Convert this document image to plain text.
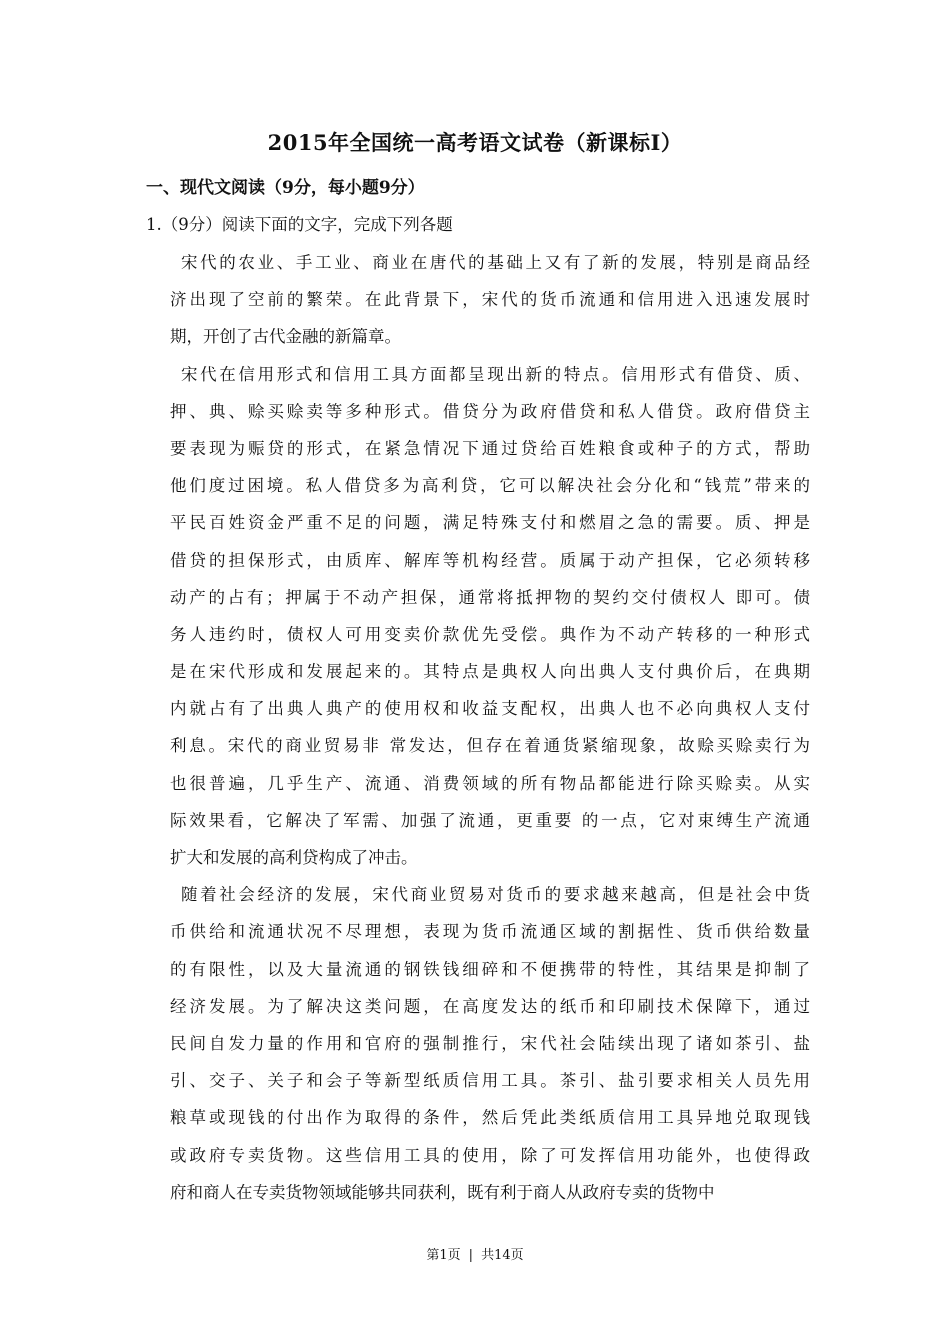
2015年全国统一高考语文试卷（新课标Ⅰ）
一、现代文阅读（9分，每小题9分）
1.（9分）阅读下面的文字，完成下列各题
宋代的农业、手工业、商业在唐代的基础上又有了新的发展，特别是商品经
济出现了空前的繁荣。在此背景下，宋代的货币流通和信用进入迅速发展时
期，开创了古代金融的新篇章。
宋代在信用形式和信用工具方面都呈现出新的特点。信用形式有借贷、质、
押、典、赊买赊卖等多种形式。借贷分为政府借贷和私人借贷。政府借贷主
要表现为赈贷的形式，在紧急情况下通过贷给百姓粮食或种子的方式，帮助
他们度过困境。私人借贷多为高利贷，它可以解决社会分化和“钱荒”带来的
平民百姓资金严重不足的问题，满足特殊支付和燃眉之急的需要。质、押是
借贷的担保形式，由质库、解库等机构经营。质属于动产担保，它必须转移
动产的占有；押属于不动产担保，通常将抵押物的契约交付债权人 即可。债
务人违约时，债权人可用变卖价款优先受偿。典作为不动产转移的一种形式
是在宋代形成和发展起来的。其特点是典权人向出典人支付典价后，在典期
内就占有了出典人典产的使用权和收益支配权，出典人也不必向典权人支付
利息。宋代的商业贸易非 常发达，但存在着通货紧缩现象，故赊买赊卖行为
也很普遍，几乎生产、流通、消费领域的所有物品都能进行除买赊卖。从实
际效果看，它解决了军需、加强了流通，更重要 的一点，它对束缚生产流通
扩大和发展的高利贷构成了冲击。
随着社会经济的发展，宋代商业贸易对货币的要求越来越高，但是社会中货
币供给和流通状况不尽理想，表现为货币流通区域的割据性、货币供给数量
的有限性，以及大量流通的钢铁钱细碎和不便携带的特性，其结果是抑制了
经济发展。为了解决这类问题，在高度发达的纸币和印刷技术保障下，通过
民间自发力量的作用和官府的强制推行，宋代社会陆续出现了诸如茶引、盐
引、交子、关子和会子等新型纸质信用工具。茶引、盐引要求相关人员先用
粮草或现钱的付出作为取得的条件，然后凭此类纸质信用工具异地兑取现钱
或政府专卖货物。这些信用工具的使用，除了可发挥信用功能外，也使得政
府和商人在专卖货物领域能够共同获利，既有利于商人从政府专卖的货物中
第1页 | 共14页
